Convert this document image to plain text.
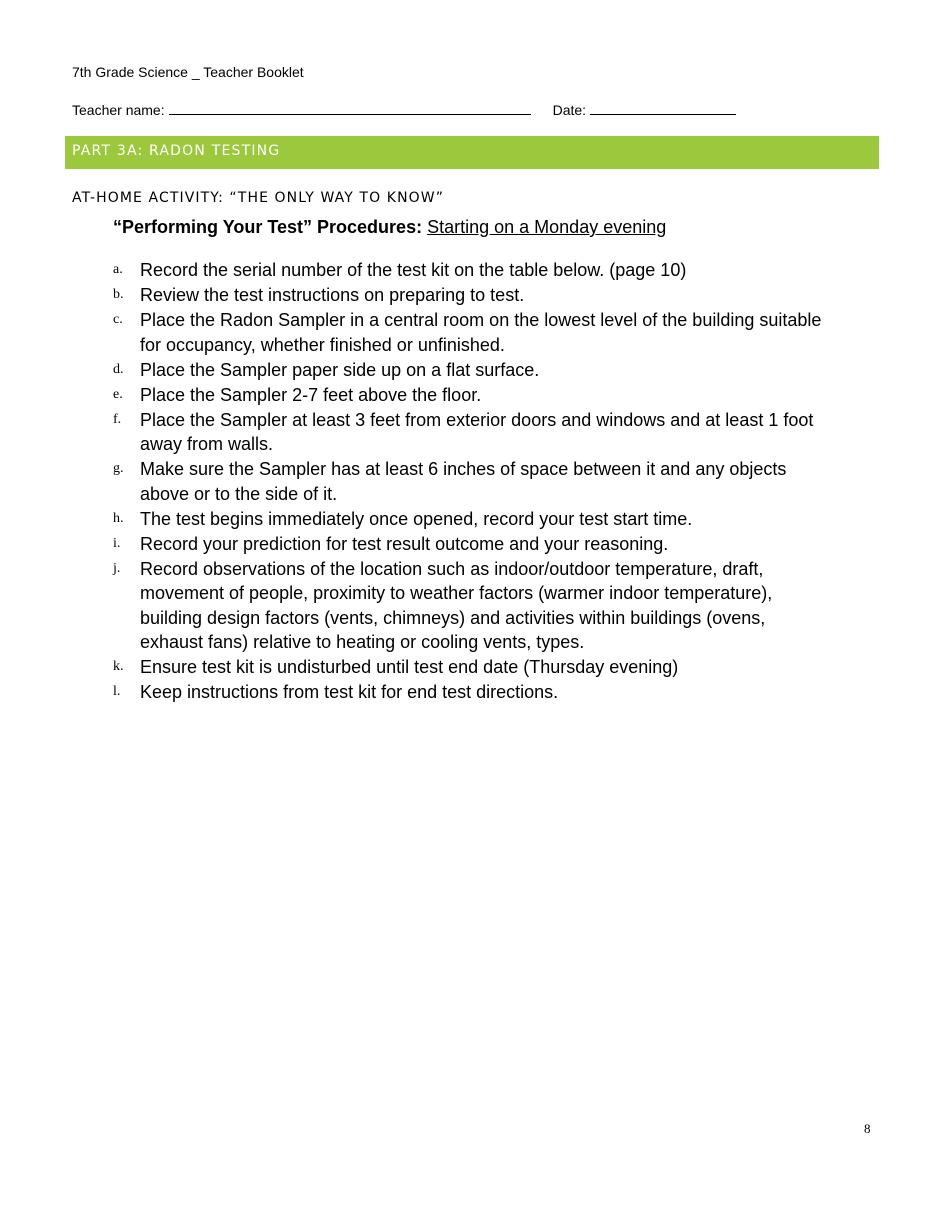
7th Grade Science _ Teacher Booklet
Teacher name:	Date:
PART 3A: RADON TESTING
AT-HOME ACTIVITY: “THE ONLY WAY TO KNOW”
“Performing Your Test” Procedures: Starting on a Monday evening
a. Record the serial number of the test kit on the table below. (page 10)
b. Review the test instructions on preparing to test.
c. Place the Radon Sampler in a central room on the lowest level of the building suitable for occupancy, whether finished or unfinished.
d. Place the Sampler paper side up on a flat surface.
e. Place the Sampler 2-7 feet above the floor.
f. Place the Sampler at least 3 feet from exterior doors and windows and at least 1 foot away from walls.
g. Make sure the Sampler has at least 6 inches of space between it and any objects above or to the side of it.
h. The test begins immediately once opened, record your test start time.
i. Record your prediction for test result outcome and your reasoning.
j. Record observations of the location such as indoor/outdoor temperature, draft, movement of people, proximity to weather factors (warmer indoor temperature), building design factors (vents, chimneys) and activities within buildings (ovens, exhaust fans) relative to heating or cooling vents, types.
k. Ensure test kit is undisturbed until test end date (Thursday evening)
l. Keep instructions from test kit for end test directions.
8
